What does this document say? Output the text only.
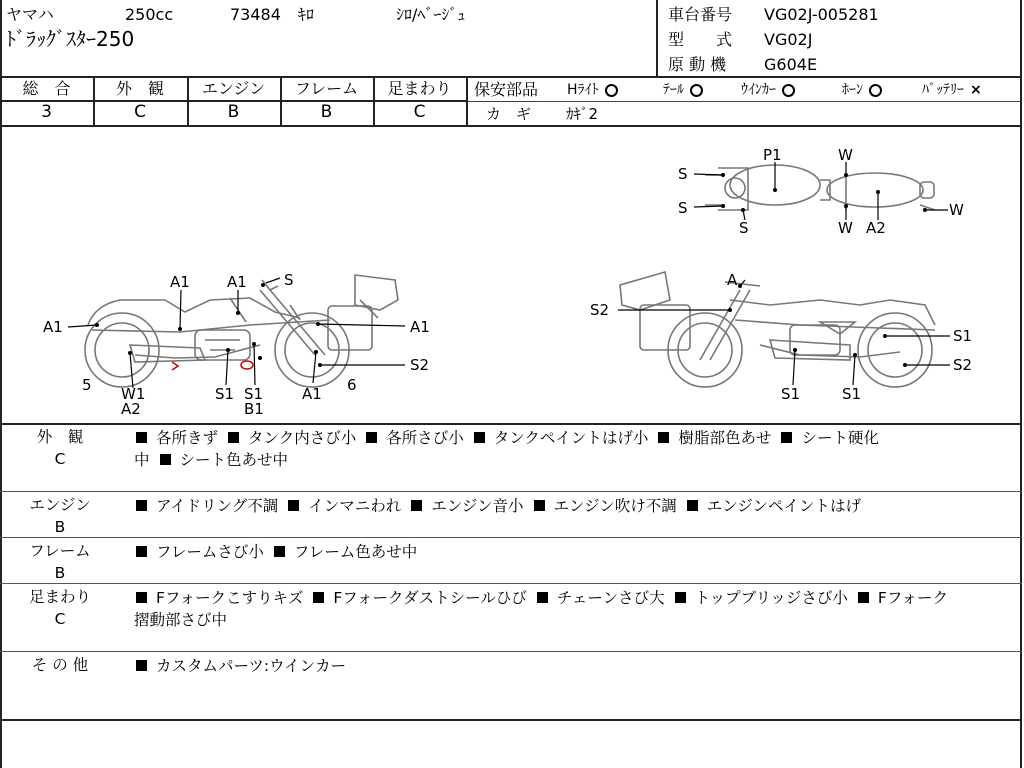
ヤマハ	250cc	73484 ｷﾛ	ｼﾛ/ﾍﾞｰｼﾞｭ
ﾄﾞﾗｯｸﾞｽﾀｰ250
車台番号 VG02J-005281
型　　式 VG02J
原 動 機 G604E
総　合	外　観	エンジン	フレーム	足まわり
3	C	B	B	C
保安部品 Hﾗｲﾄ	ﾃｰﾙ	ｳｲﾝｶｰ	ﾎｰﾝ	ﾊﾞｯﾃﾘｰ ×
カ　ギ ｶｷﾞ2
A1 A1 S
A1	A1
S2
A1 6
5 W1
A2
S1 S1
B1
A
S2
S1
S2
S1	S1
P1	W
S
S
S	W A2
W
外　観
C
各所きず タンク内さび小 各所さび小 タンクペイントはげ小 樹脂部色あせ シート硬化
中 シート色あせ中
エンジン
B
アイドリング不調 インマニわれ エンジン音小 エンジン吹け不調 エンジンペイントはげ
フレーム
B
フレームさび小 フレーム色あせ中
足まわり
C
Fフォークこすりキズ Fフォークダストシールひび チェーンさび大 トップブリッジさび小 Fフォーク
摺動部さび中
そ の 他	カスタムパーツ:ウインカー
